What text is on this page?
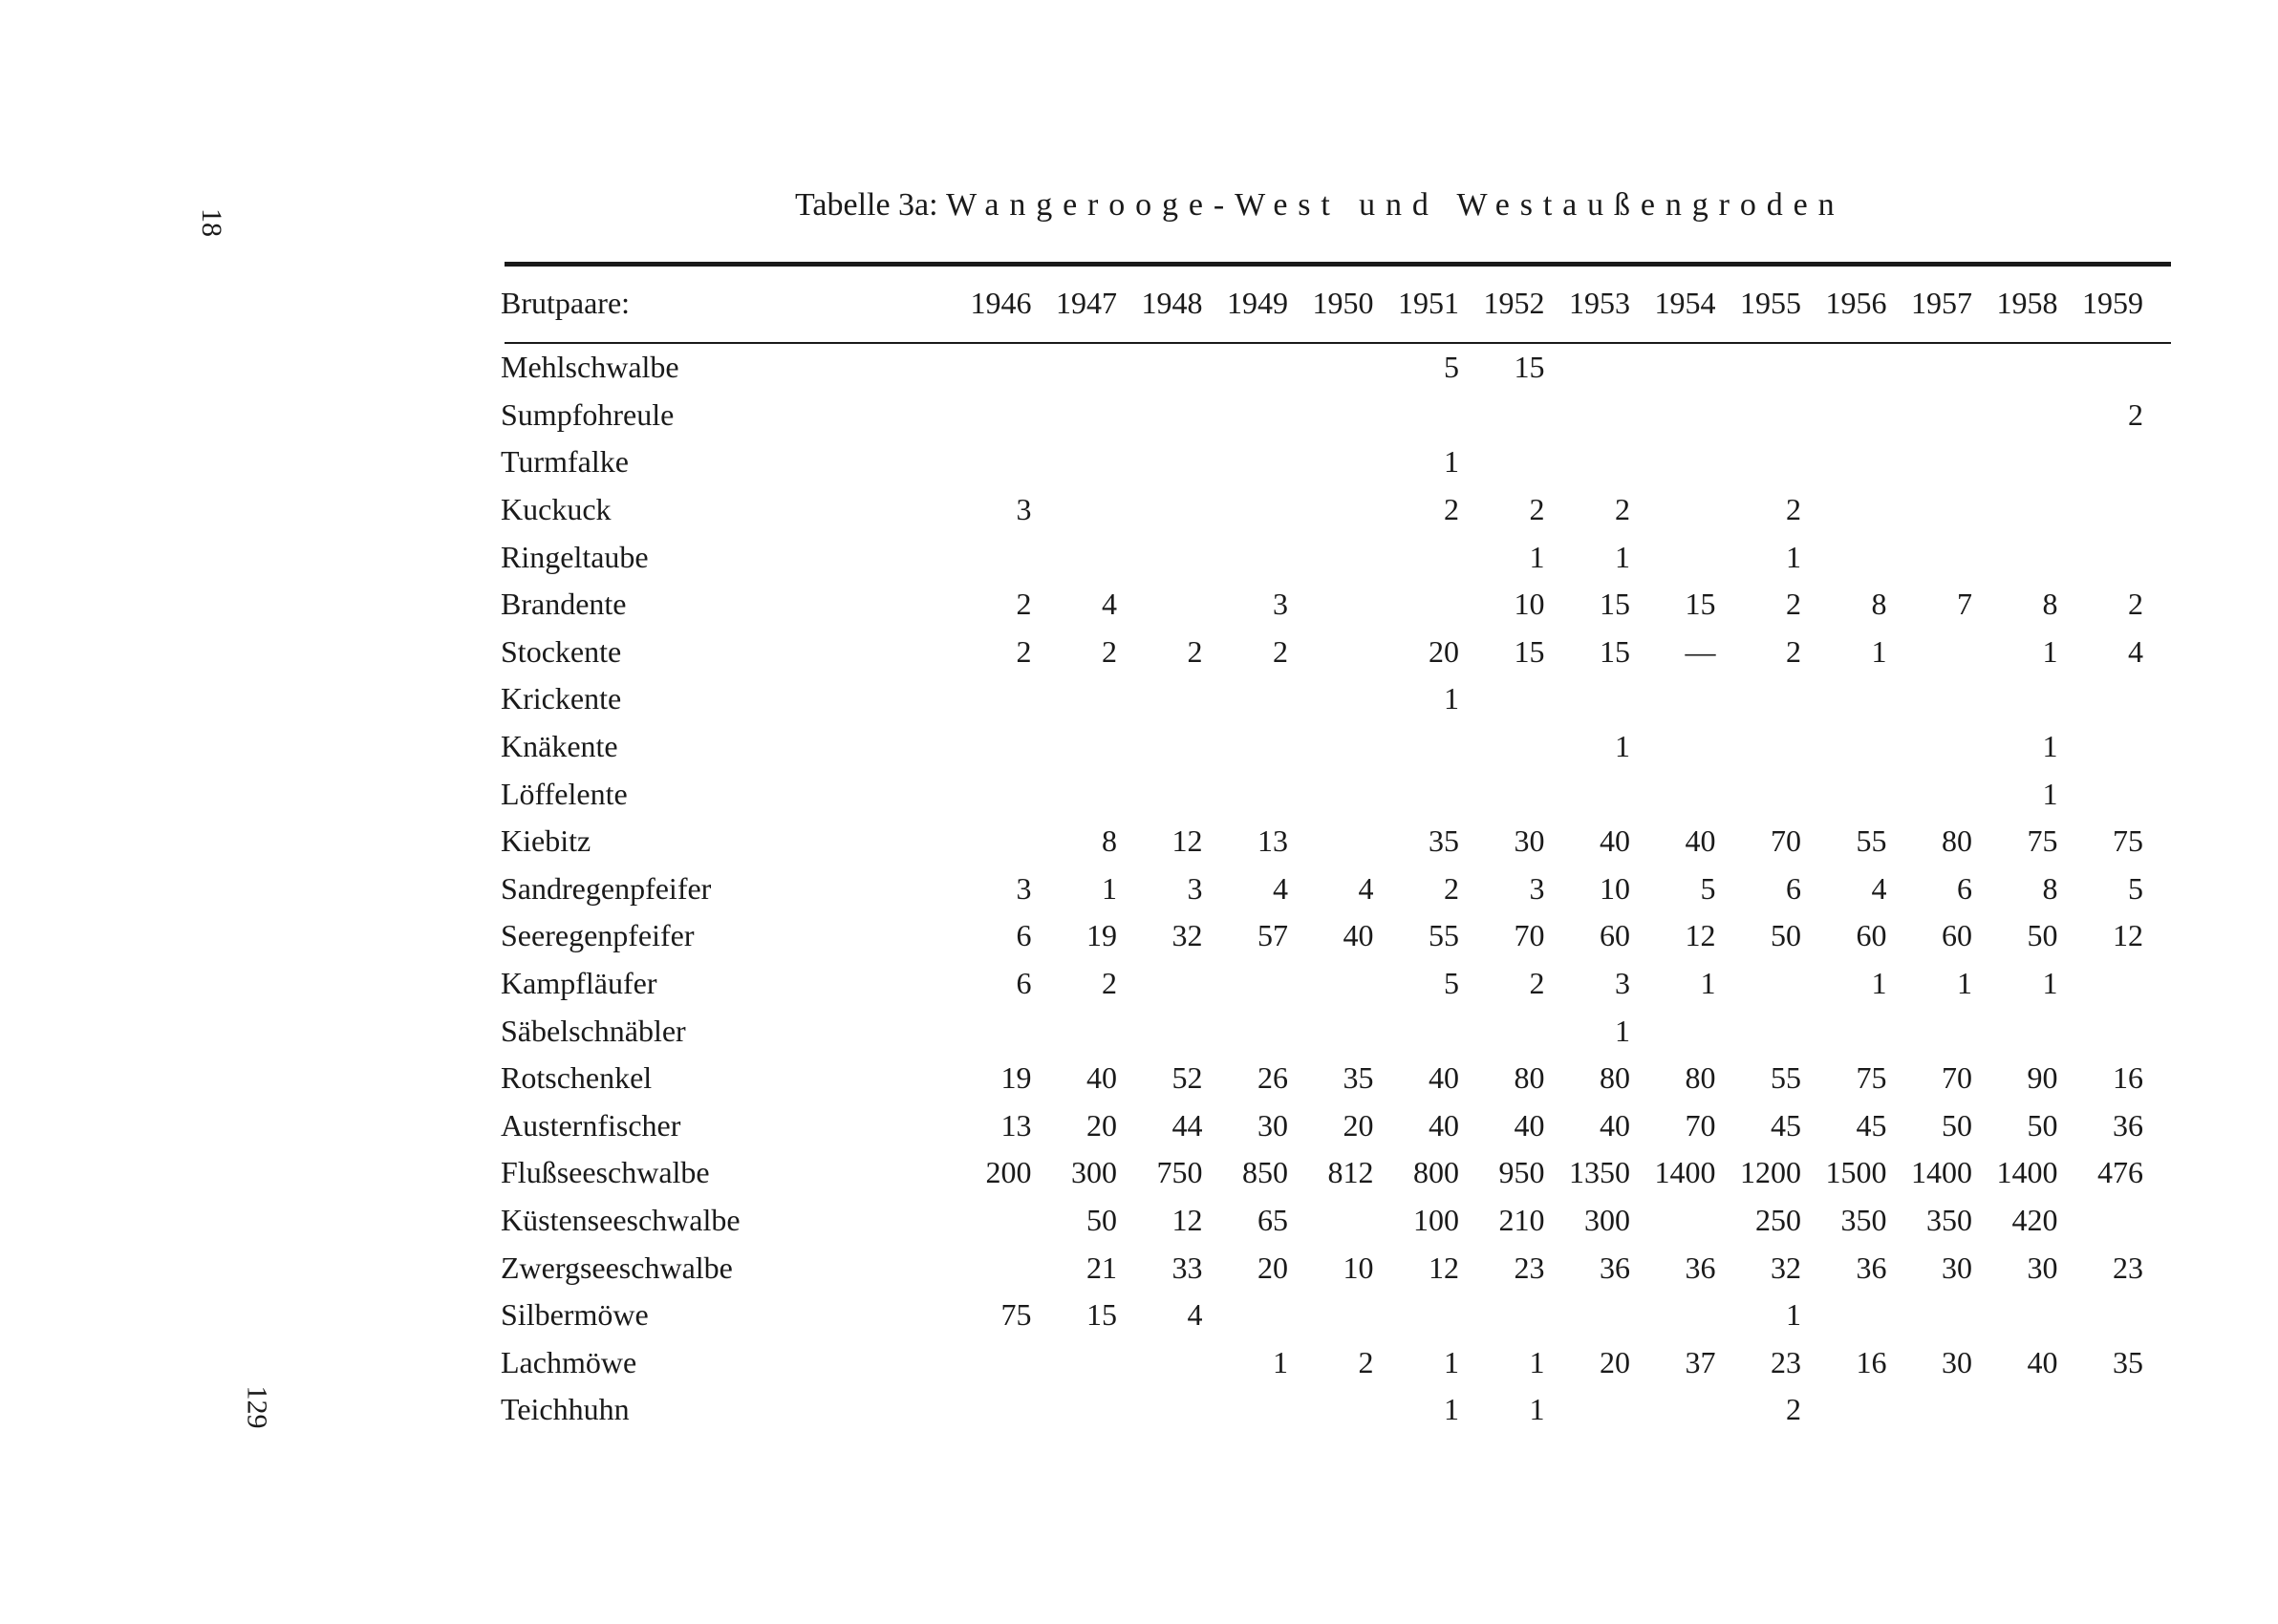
18
129
Tabelle 3a: Wangerooge-West und Westaußengroden
Brutpaare:	1946	1947	1948	1949	1950	1951	1952	1953	1954	1955	1956	1957	1958	1959

Mehlschwalbe						5	15							
Sumpfohreule														2
Turmfalke						1								
Kuckuck	3					2	2	2		2				
Ringeltaube							1	1		1				
Brandente	2	4		3			10	15	15	2	8	7	8	2
Stockente	2	2	2	2		20	15	15	—	2	1		1	4
Krickente						1								
Knäkente								1					1	
Löffelente													1	
Kiebitz		8	12	13		35	30	40	40	70	55	80	75	75
Sandregenpfeifer	3	1	3	4	4	2	3	10	5	6	4	6	8	5
Seeregenpfeifer	6	19	32	57	40	55	70	60	12	50	60	60	50	12
Kampfläufer	6	2				5	2	3	1		1	1	1	
Säbelschnäbler								1						
Rotschenkel	19	40	52	26	35	40	80	80	80	55	75	70	90	16
Austernfischer	13	20	44	30	20	40	40	40	70	45	45	50	50	36
Flußseeschwalbe	200	300	750	850	812	800	950	1350	1400	1200	1500	1400	1400	476
Küstenseeschwalbe		50	12	65		100	210	300		250	350	350	420	
Zwergseeschwalbe		21	33	20	10	12	23	36	36	32	36	30	30	23
Silbermöwe	75	15	4							1				
Lachmöwe				1	2	1	1	20	37	23	16	30	40	35
Teichhuhn						1	1			2				
